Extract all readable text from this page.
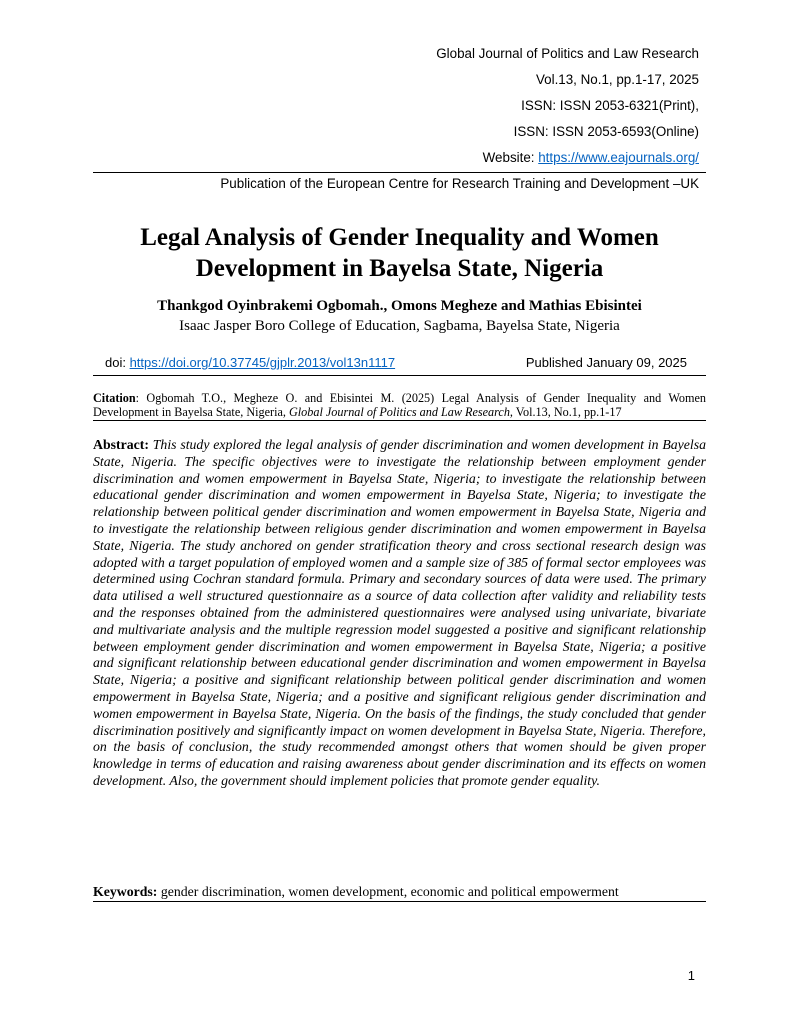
Global Journal of Politics and Law Research
Vol.13, No.1, pp.1-17, 2025
ISSN: ISSN 2053-6321(Print),
ISSN: ISSN 2053-6593(Online)
Website: https://www.eajournals.org/
Publication of the European Centre for Research Training and Development –UK
Legal Analysis of Gender Inequality and Women Development in Bayelsa State, Nigeria
Thankgod Oyinbrakemi Ogbomah., Omons Megheze and Mathias Ebisintei
Isaac Jasper Boro College of Education, Sagbama, Bayelsa State, Nigeria
doi: https://doi.org/10.37745/gjplr.2013/vol13n1117	Published January 09, 2025

Citation: Ogbomah T.O., Megheze O. and Ebisintei M. (2025) Legal Analysis of Gender Inequality and Women Development in Bayelsa State, Nigeria, Global Journal of Politics and Law Research, Vol.13, No.1, pp.1-17

Abstract: This study explored the legal analysis of gender discrimination and women development in Bayelsa State, Nigeria. The specific objectives were to investigate the relationship between employment gender discrimination and women empowerment in Bayelsa State, Nigeria; to investigate the relationship between educational gender discrimination and women empowerment in Bayelsa State, Nigeria; to investigate the relationship between political gender discrimination and women empowerment in Bayelsa State, Nigeria and to investigate the relationship between religious gender discrimination and women empowerment in Bayelsa State, Nigeria. The study anchored on gender stratification theory and cross sectional research design was adopted with a target population of employed women and a sample size of 385 of formal sector employees was determined using Cochran standard formula. Primary and secondary sources of data were used. The primary data utilised a well structured questionnaire as a source of data collection after validity and reliability tests and the responses obtained from the administered questionnaires were analysed using univariate, bivariate and multivariate analysis and the multiple regression model suggested a positive and significant relationship between employment gender discrimination and women empowerment in Bayelsa State, Nigeria; a positive and significant relationship between educational gender discrimination and women empowerment in Bayelsa State, Nigeria; a positive and significant relationship between political gender discrimination and women empowerment in Bayelsa State, Nigeria; and a positive and significant religious gender discrimination and women empowerment in Bayelsa State, Nigeria. On the basis of the findings, the study concluded that gender discrimination positively and significantly impact on women development in Bayelsa State, Nigeria. Therefore, on the basis of conclusion, the study recommended amongst others that women should be given proper knowledge in terms of education and raising awareness about gender discrimination and its effects on women development. Also, the government should implement policies that promote gender equality.

Keywords: gender discrimination, women development, economic and political empowerment

1
